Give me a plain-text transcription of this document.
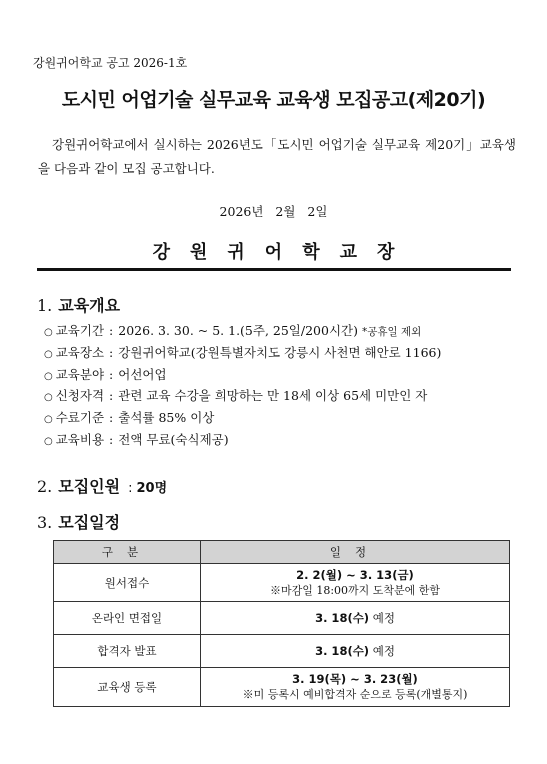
강원귀어학교 공고 2026-1호
도시민 어업기술 실무교육 교육생 모집공고(제20기)
강원귀어학교에서 실시하는 2026년도「도시민 어업기술 실무교육 제20기」교육생을 다음과 같이 모집 공고합니다.
2026년 2월 2일
강원귀어학교장
1. 교육개요
○ 교육기간 : 2026. 3. 30. ~ 5. 1.(5주, 25일/200시간) *공휴일 제외
○ 교육장소 : 강원귀어학교(강원특별자치도 강릉시 사천면 해안로 1166)
○ 교육분야 : 어선어업
○ 신청자격 : 관련 교육 수강을 희망하는 만 18세 이상 65세 미만인 자
○ 수료기준 : 출석률 85% 이상
○ 교육비용 : 전액 무료(숙식제공)
2. 모집인원 : 20명
3. 모집일정
구분	일정
원서접수	2. 2(월) ~ 3. 13(금)
※마감일 18:00까지 도착분에 한함

온라인 면접일	3. 18(수) 예정
합격자 발표	3. 18(수) 예정
교육생 등록	3. 19(목) ~ 3. 23(월)
※미 등록시 예비합격자 순으로 등록(개별통지)
